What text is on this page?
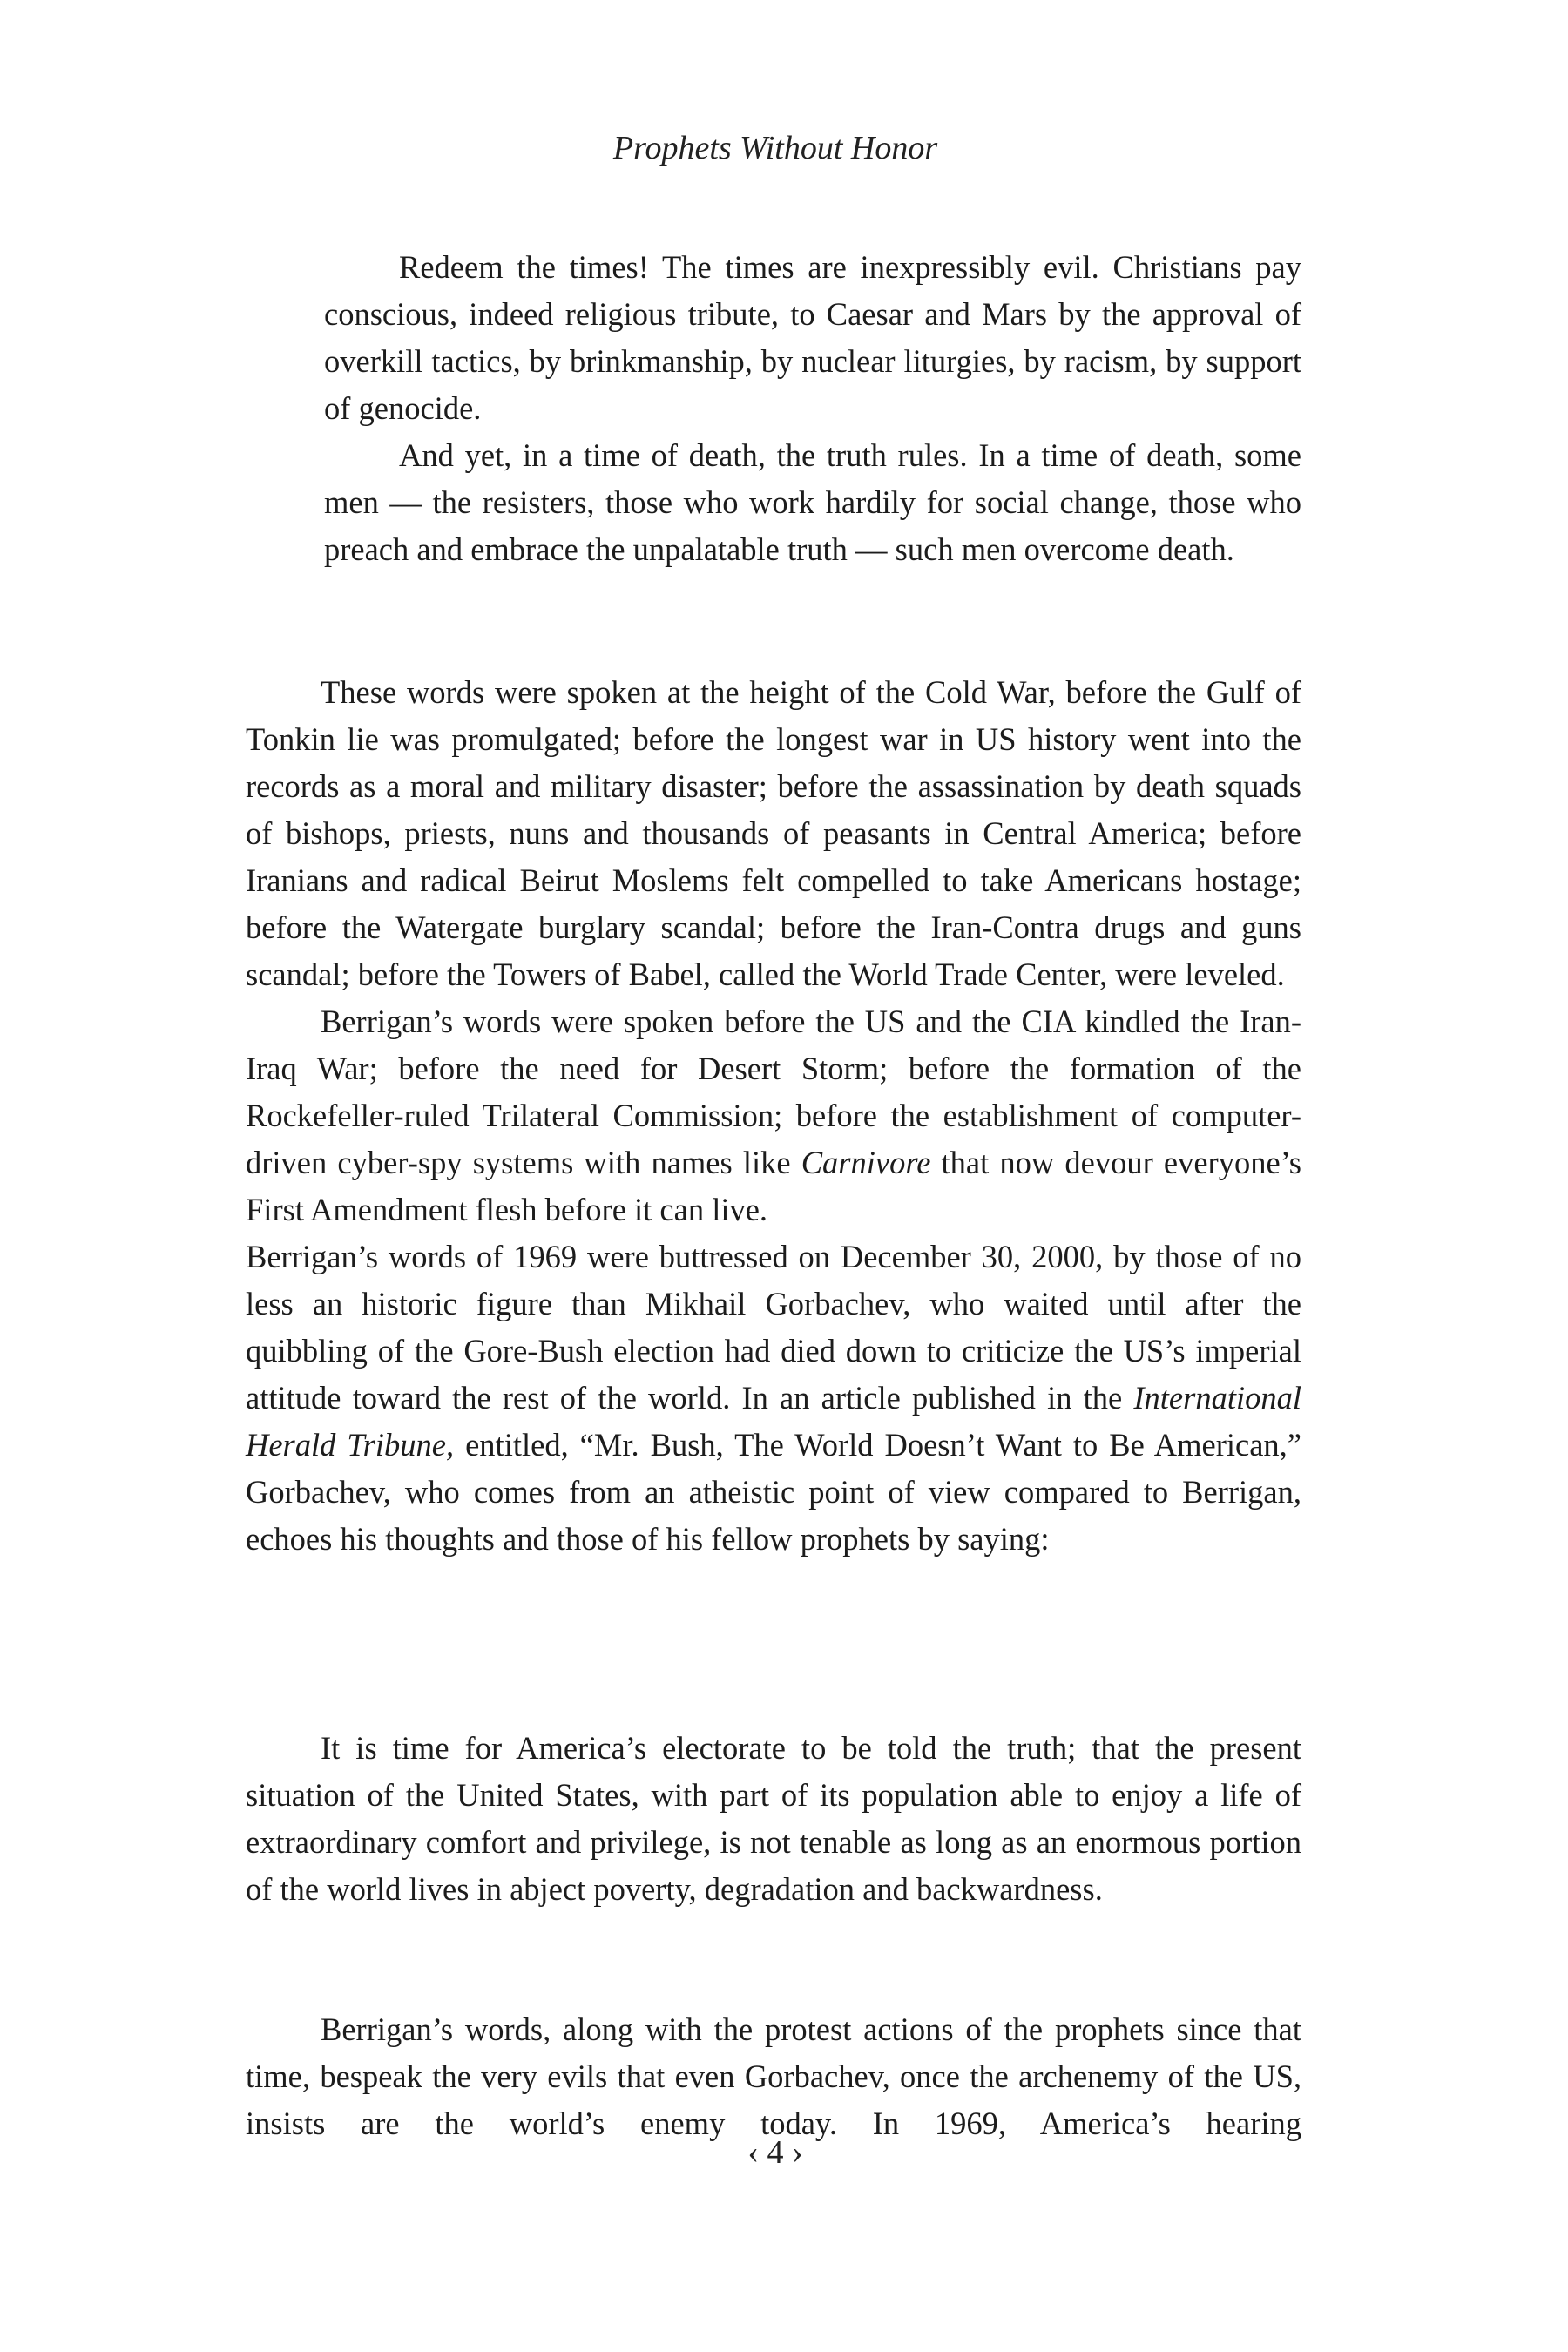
Prophets Without Honor

Redeem the times! The times are inexpressibly evil. Christians pay conscious, indeed religious tribute, to Caesar and Mars by the approval of overkill tactics, by brinkmanship, by nuclear liturgies, by racism, by support of genocide.

And yet, in a time of death, the truth rules. In a time of death, some men — the resisters, those who work hardily for social change, those who preach and embrace the unpalatable truth — such men overcome death.

These words were spoken at the height of the Cold War, before the Gulf of Tonkin lie was promulgated; before the longest war in US history went into the records as a moral and military disaster; before the assassination by death squads of bishops, priests, nuns and thousands of peasants in Central America; before Iranians and radical Beirut Moslems felt compelled to take Americans hostage; before the Watergate burglary scandal; before the Iran-Contra drugs and guns scandal; before the Towers of Babel, called the World Trade Center, were leveled.

Berrigan’s words were spoken before the US and the CIA kindled the Iran-Iraq War; before the need for Desert Storm; before the formation of the Rockefeller-ruled Trilateral Commission; before the establishment of computer-driven cyber-spy systems with names like Carnivore that now devour everyone’s First Amendment flesh before it can live.

Berrigan’s words of 1969 were buttressed on December 30, 2000, by those of no less an historic figure than Mikhail Gorbachev, who waited until after the quibbling of the Gore-Bush election had died down to criticize the US’s imperial attitude toward the rest of the world. In an article published in the International Herald Tribune, entitled, “Mr. Bush, The World Doesn’t Want to Be American,” Gorbachev, who comes from an atheistic point of view compared to Berrigan, echoes his thoughts and those of his fellow prophets by saying:

It is time for America’s electorate to be told the truth; that the present situation of the United States, with part of its population able to enjoy a life of extraordinary comfort and privilege, is not tenable as long as an enormous portion of the world lives in abject poverty, degradation and backwardness.

Berrigan’s words, along with the protest actions of the prophets since that time, bespeak the very evils that even Gorbachev, once the archenemy of the US, insists are the world’s enemy today. In 1969, America’s hearing

‹ 4 ›
